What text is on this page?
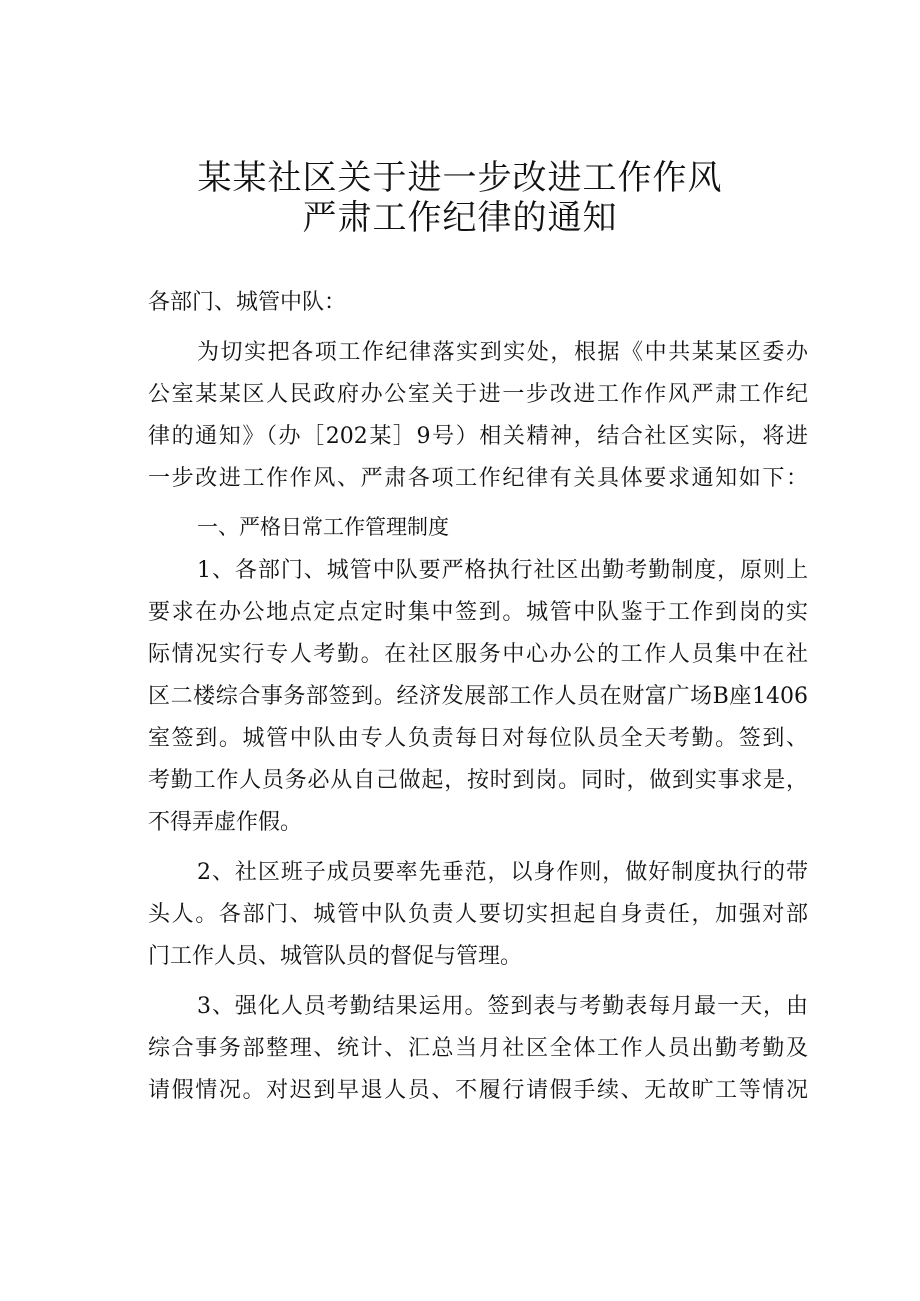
某某社区关于进一步改进工作作风
严肃工作纪律的通知

各部门、城管中队：

为切实把各项工作纪律落实到实处，根据《中共某某区委办

公室某某区人民政府办公室关于进一步改进工作作风严肃工作纪

律的通知》（办［202某］9号）相关精神，结合社区实际，将进

一步改进工作作风、严肃各项工作纪律有关具体要求通知如下：

一、严格日常工作管理制度

1、各部门、城管中队要严格执行社区出勤考勤制度，原则上

要求在办公地点定点定时集中签到。城管中队鉴于工作到岗的实

际情况实行专人考勤。在社区服务中心办公的工作人员集中在社

区二楼综合事务部签到。经济发展部工作人员在财富广场B座1406

室签到。城管中队由专人负责每日对每位队员全天考勤。签到、

考勤工作人员务必从自己做起，按时到岗。同时，做到实事求是，

不得弄虚作假。

2、社区班子成员要率先垂范，以身作则，做好制度执行的带

头人。各部门、城管中队负责人要切实担起自身责任，加强对部

门工作人员、城管队员的督促与管理。

3、强化人员考勤结果运用。签到表与考勤表每月最一天，由

综合事务部整理、统计、汇总当月社区全体工作人员出勤考勤及

请假情况。对迟到早退人员、不履行请假手续、无故旷工等情况
